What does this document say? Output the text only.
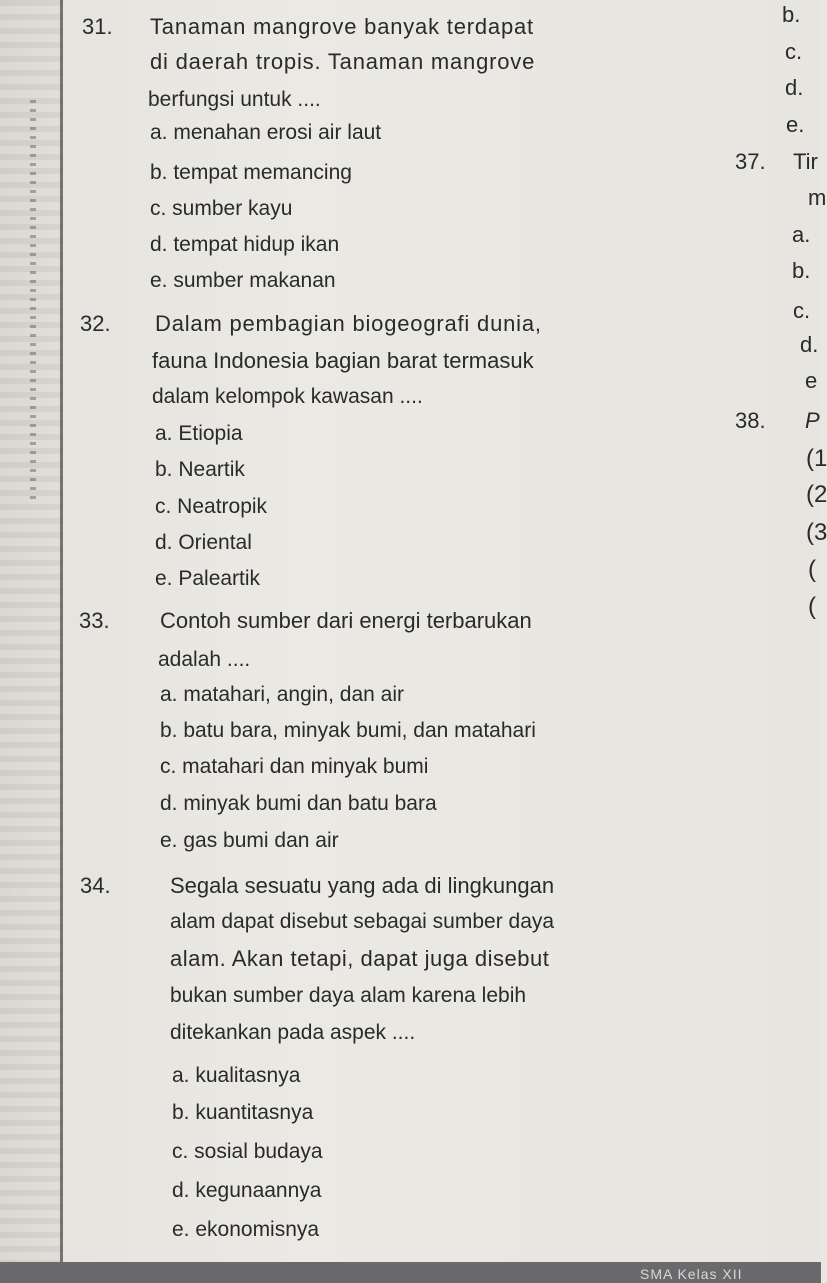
31. Tanaman mangrove banyak terdapat
di daerah tropis. Tanaman mangrove
berfungsi untuk ....
a. menahan erosi air laut
b. tempat memancing
c. sumber kayu
d. tempat hidup ikan
e. sumber makanan
32. Dalam pembagian biogeografi dunia,
fauna Indonesia bagian barat termasuk
dalam kelompok kawasan ....
a. Etiopia
b. Neartik
c. Neatropik
d. Oriental
e. Paleartik
33. Contoh sumber dari energi terbarukan
adalah ....
a. matahari, angin, dan air
b. batu bara, minyak bumi, dan matahari
c. matahari dan minyak bumi
d. minyak bumi dan batu bara
e. gas bumi dan air
34.	Segala sesuatu yang ada di lingkungan
alam dapat disebut sebagai sumber daya
alam. Akan tetapi, dapat juga disebut
bukan sumber daya alam karena lebih
ditekankan pada aspek ....
a. kualitasnya
b. kuantitasnya
c. sosial budaya
d. kegunaannya
e. ekonomisnya
b.
c.
d.
e.
37. Tir
m
a.
b.
c.
d.
e
38. P
(1
(2
(3
(
(
SMA Kelas XII
